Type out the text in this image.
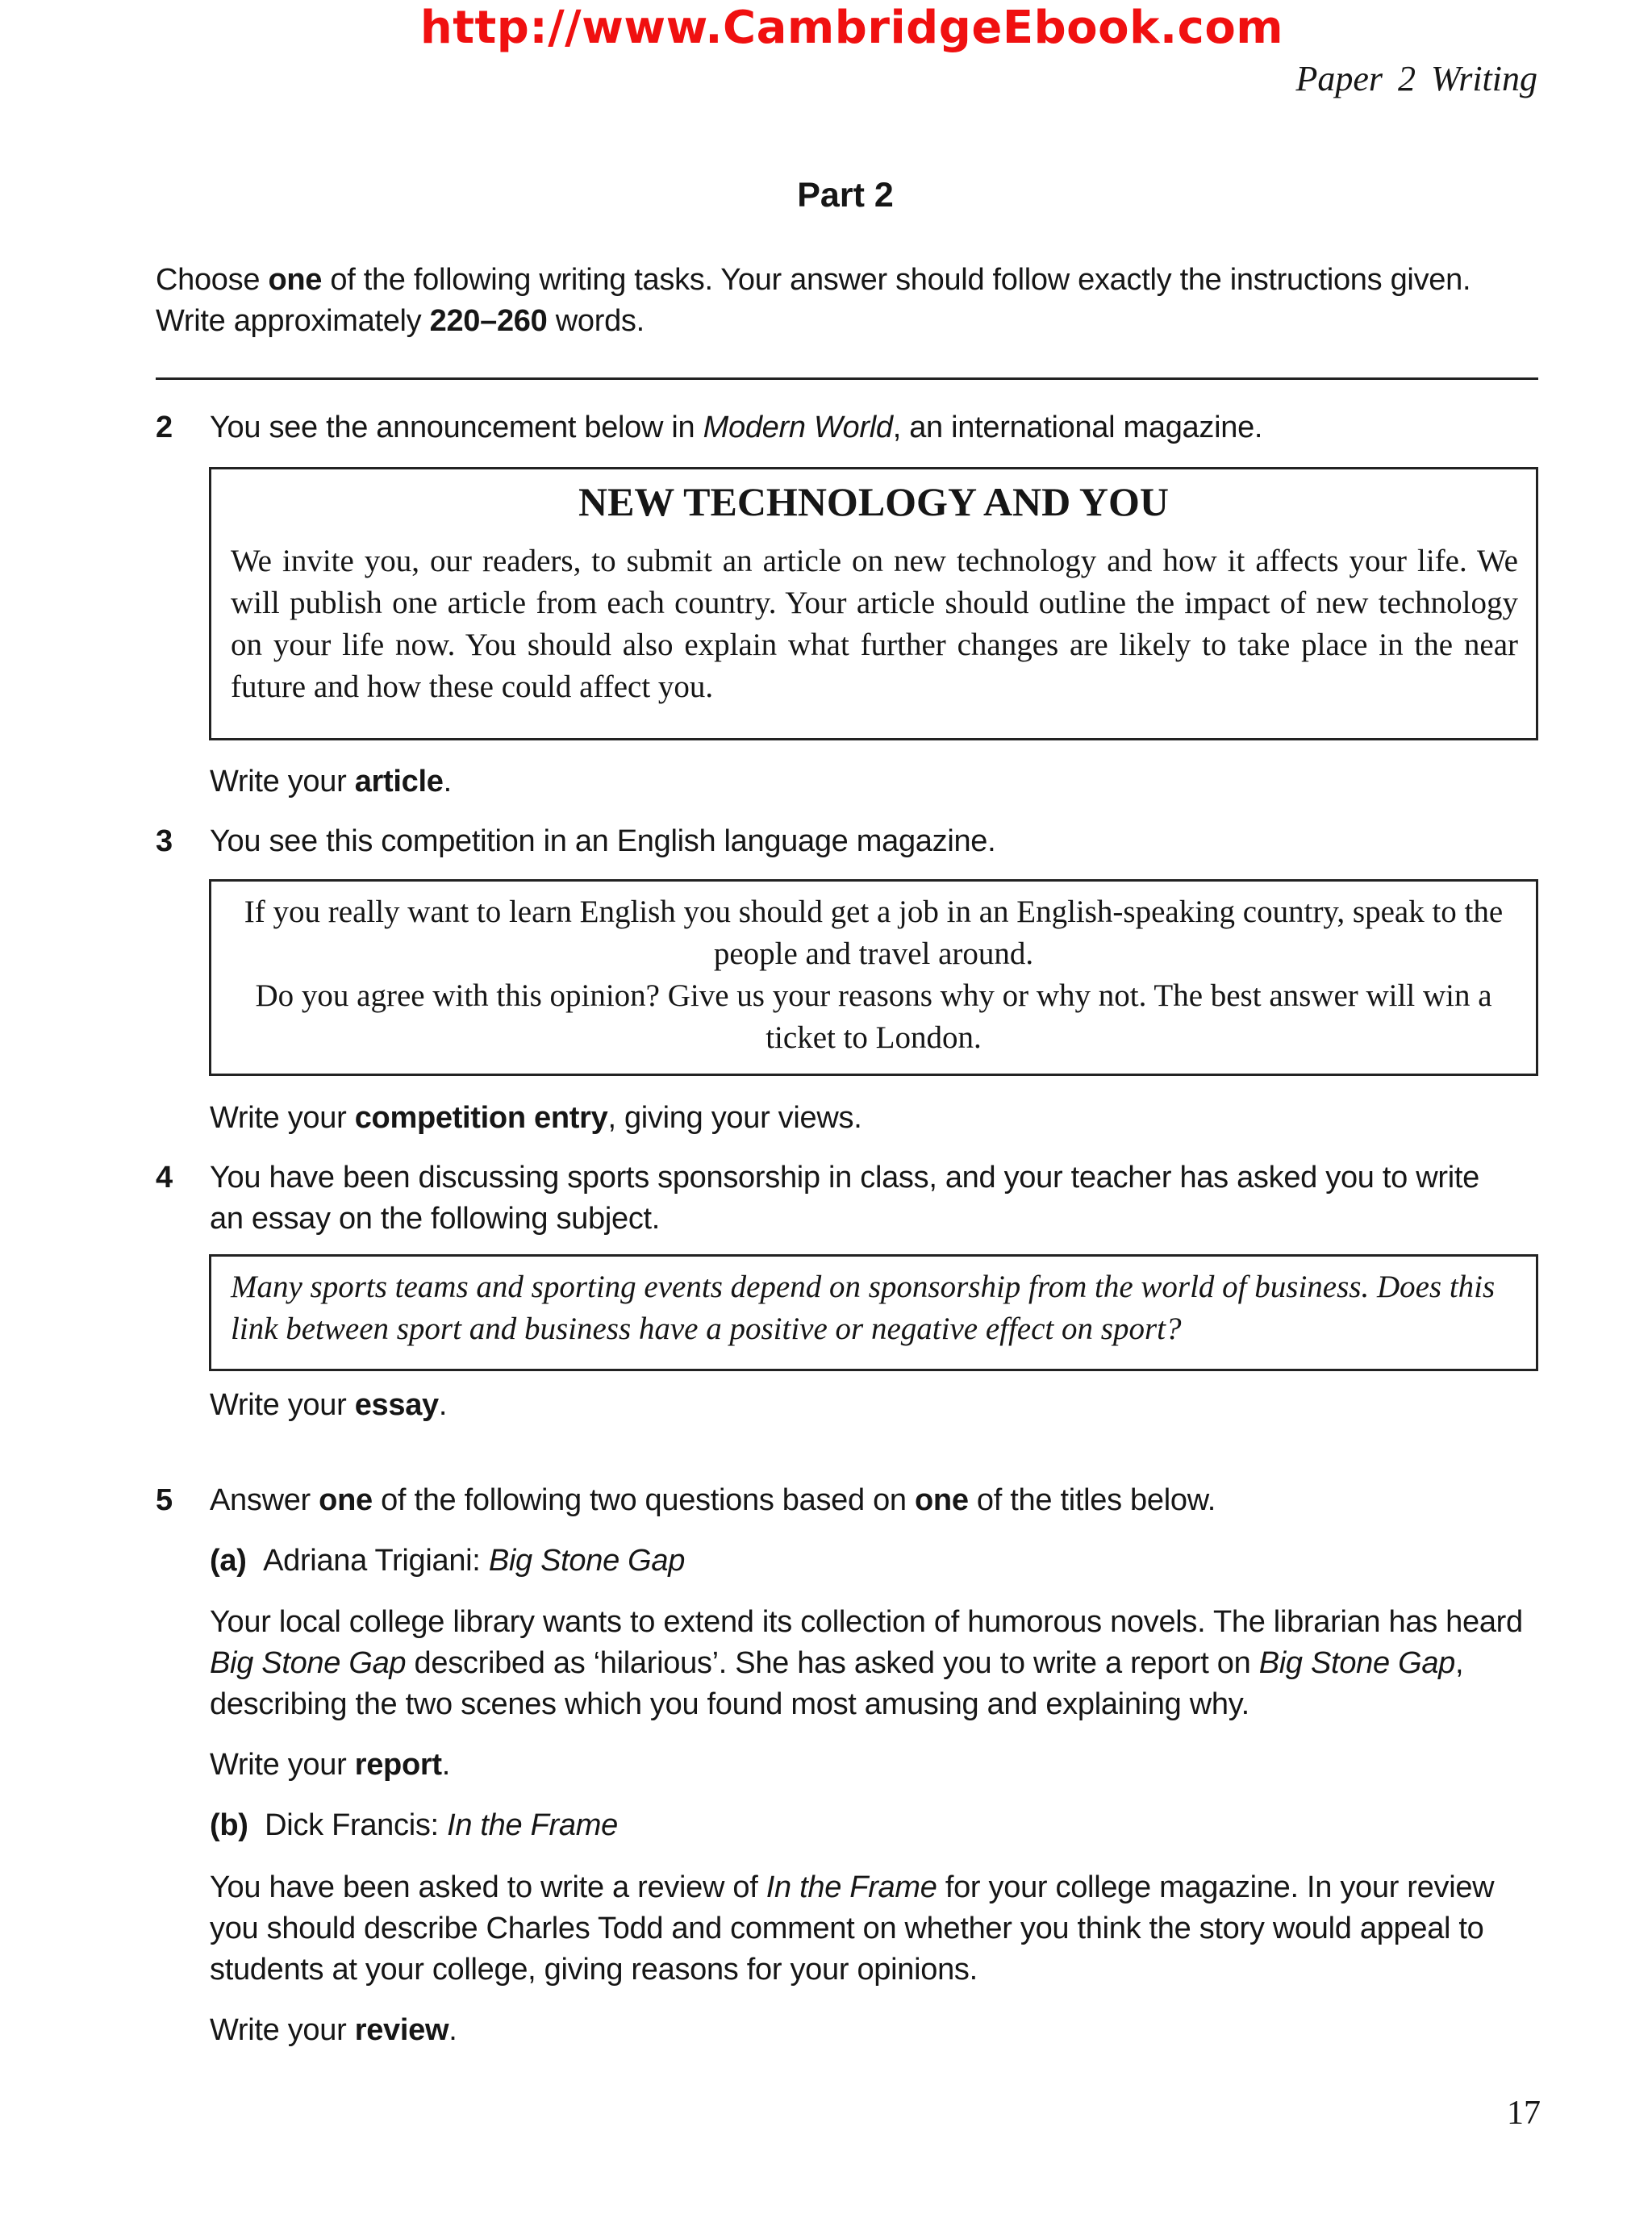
http://www.CambridgeEbook.com
Paper 2 Writing
Part 2
Choose one of the following writing tasks. Your answer should follow exactly the instructions given. Write approximately 220–260 words.
2 You see the announcement below in Modern World, an international magazine.
NEW TECHNOLOGY AND YOU
We invite you, our readers, to submit an article on new technology and how it affects your life. We will publish one article from each country. Your article should outline the impact of new technology on your life now. You should also explain what further changes are likely to take place in the near future and how these could affect you.
Write your article.
3 You see this competition in an English language magazine.
If you really want to learn English you should get a job in an English-speaking country, speak to the people and travel around.
Do you agree with this opinion? Give us your reasons why or why not. The best answer will win a ticket to London.
Write your competition entry, giving your views.
4 You have been discussing sports sponsorship in class, and your teacher has asked you to write an essay on the following subject.
Many sports teams and sporting events depend on sponsorship from the world of business. Does this link between sport and business have a positive or negative effect on sport?
Write your essay.
5 Answer one of the following two questions based on one of the titles below.
(a) Adriana Trigiani: Big Stone Gap
Your local college library wants to extend its collection of humorous novels. The librarian has heard Big Stone Gap described as ‘hilarious’. She has asked you to write a report on Big Stone Gap, describing the two scenes which you found most amusing and explaining why.
Write your report.
(b) Dick Francis: In the Frame
You have been asked to write a review of In the Frame for your college magazine. In your review you should describe Charles Todd and comment on whether you think the story would appeal to students at your college, giving reasons for your opinions.
Write your review.
17
